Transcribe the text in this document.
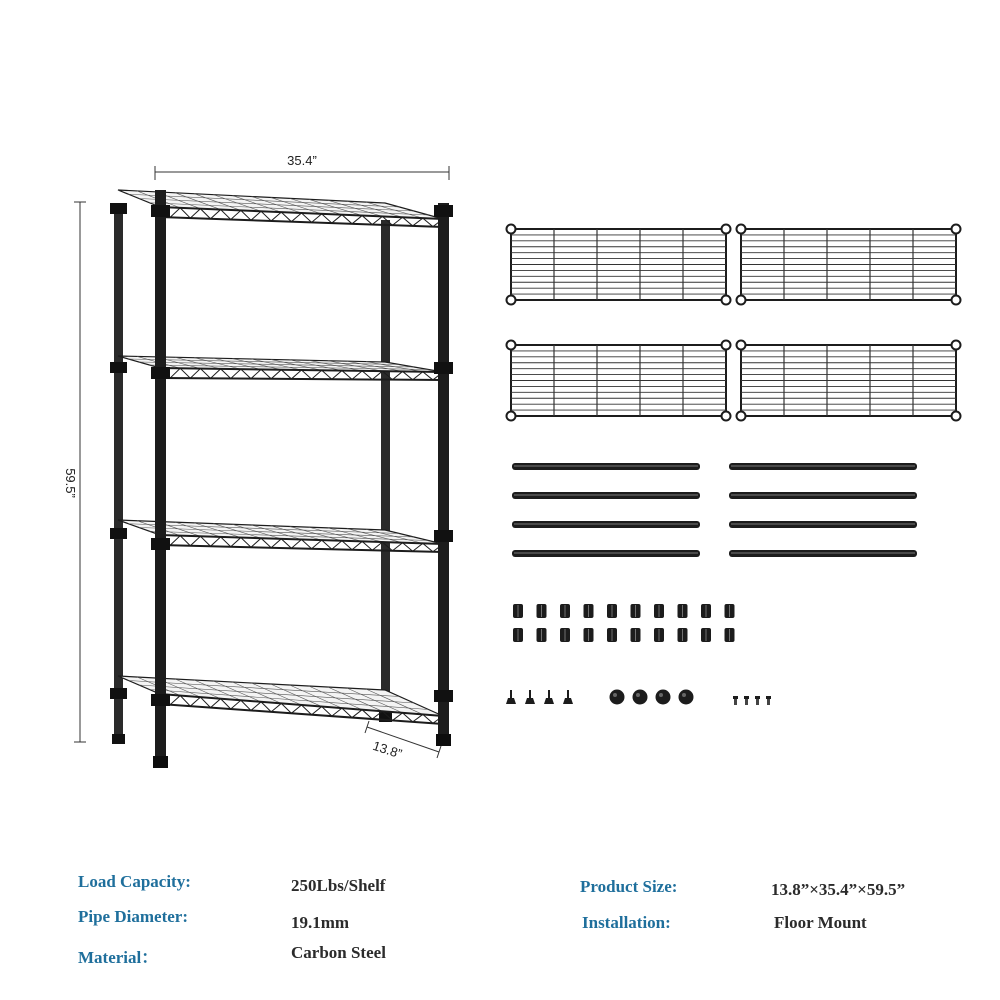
35.4”
59.5”
13.8”
Load Capacity:	250Lbs/Shelf
Pipe Diameter:	19.1mm
Material：	Carbon Steel
Product Size:	13.8”×35.4”×59.5”
Installation:	Floor Mount
